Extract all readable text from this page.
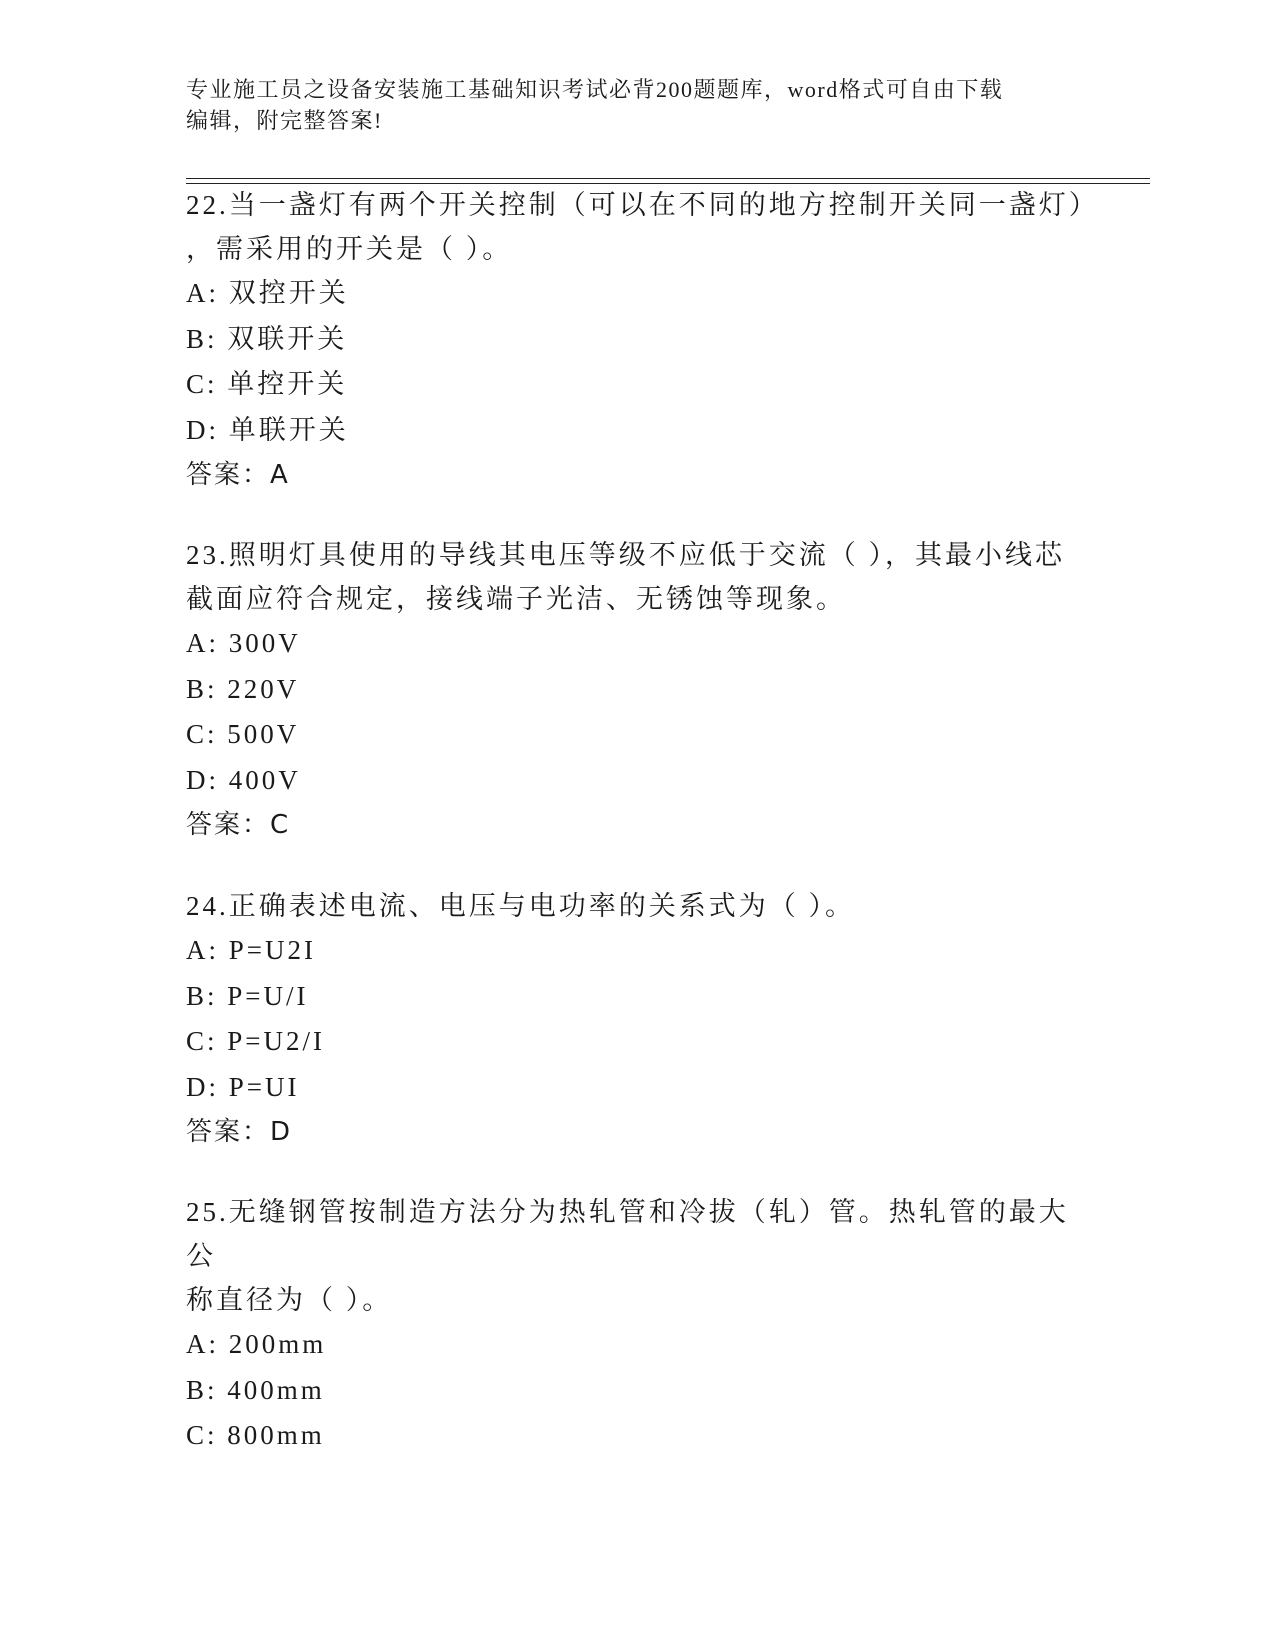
专业施工员之设备安装施工基础知识考试必背200题题库，word格式可自由下载
编辑，附完整答案!
22.当一盏灯有两个开关控制（可以在不同的地方控制开关同一盏灯）
，需采用的开关是（ ）。
A: 双控开关
B: 双联开关
C: 单控开关
D: 单联开关
答案：A
23.照明灯具使用的导线其电压等级不应低于交流（ ），其最小线芯
截面应符合规定，接线端子光洁、无锈蚀等现象。
A: 300V
B: 220V
C: 500V
D: 400V
答案：C
24.正确表述电流、电压与电功率的关系式为（ ）。
A: P=U2I
B: P=U/I
C: P=U2/I
D: P=UI
答案：D
25.无缝钢管按制造方法分为热轧管和冷拔（轧）管。热轧管的最大公
称直径为（ ）。
A: 200mm
B: 400mm
C: 800mm
